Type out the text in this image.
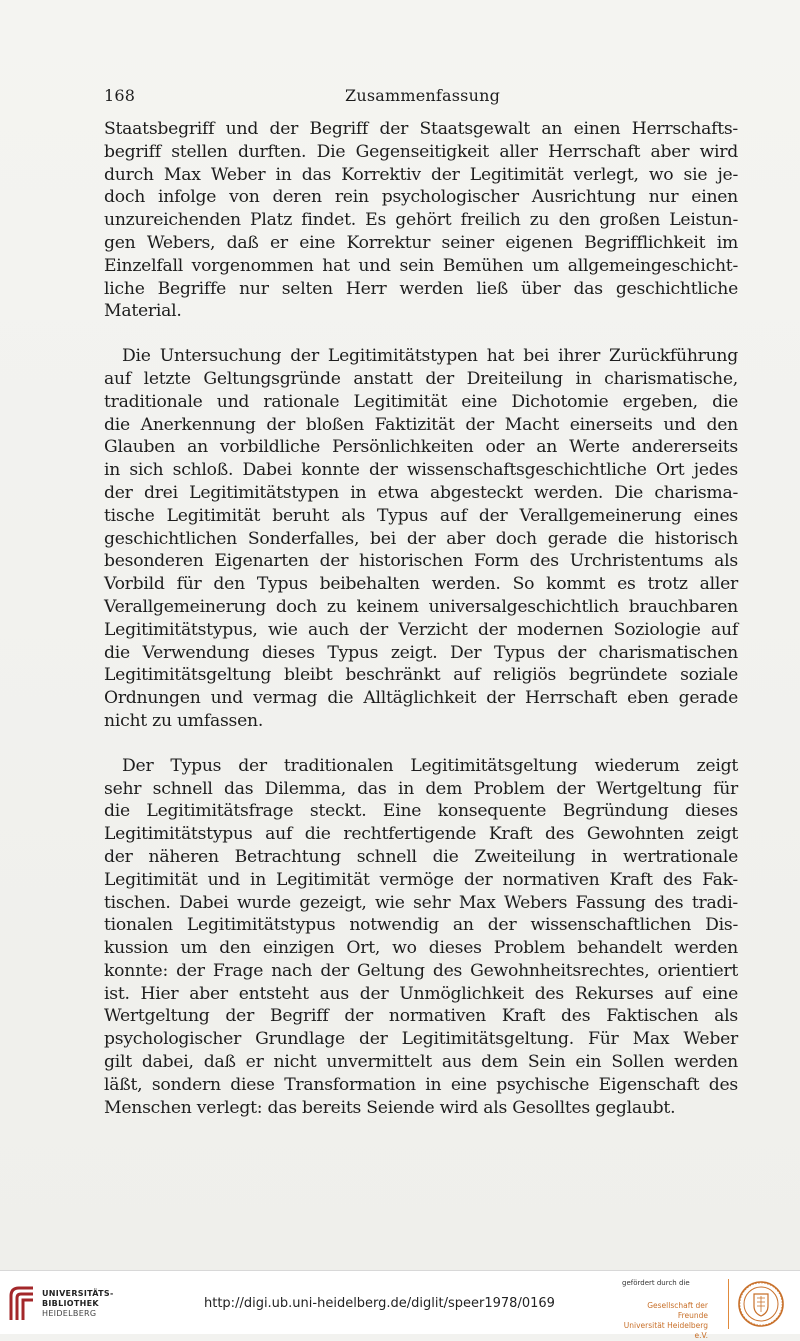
168	Zusammenfassung
Staatsbegriff und der Begriff der Staatsgewalt an einen Herrschafts-
begriff stellen durften. Die Gegenseitigkeit aller Herrschaft aber wird
durch Max Weber in das Korrektiv der Legitimität verlegt, wo sie je-
doch infolge von deren rein psychologischer Ausrichtung nur einen
unzureichenden Platz findet. Es gehört freilich zu den großen Leistun-
gen Webers, daß er eine Korrektur seiner eigenen Begrifflichkeit im
Einzelfall vorgenommen hat und sein Bemühen um allgemeingeschicht-
liche Begriffe nur selten Herr werden ließ über das geschichtliche
Material.
Die Untersuchung der Legitimitätstypen hat bei ihrer Zurückführung
auf letzte Geltungsgründe anstatt der Dreiteilung in charismatische,
traditionale und rationale Legitimität eine Dichotomie ergeben, die
die Anerkennung der bloßen Faktizität der Macht einerseits und den
Glauben an vorbildliche Persönlichkeiten oder an Werte andererseits
in sich schloß. Dabei konnte der wissenschaftsgeschichtliche Ort jedes
der drei Legitimitätstypen in etwa abgesteckt werden. Die charisma-
tische Legitimität beruht als Typus auf der Verallgemeinerung eines
geschichtlichen Sonderfalles, bei der aber doch gerade die historisch
besonderen Eigenarten der historischen Form des Urchristentums als
Vorbild für den Typus beibehalten werden. So kommt es trotz aller
Verallgemeinerung doch zu keinem universalgeschichtlich brauchbaren
Legitimitätstypus, wie auch der Verzicht der modernen Soziologie auf
die Verwendung dieses Typus zeigt. Der Typus der charismatischen
Legitimitätsgeltung bleibt beschränkt auf religiös begründete soziale
Ordnungen und vermag die Alltäglichkeit der Herrschaft eben gerade
nicht zu umfassen.
Der Typus der traditionalen Legitimitätsgeltung wiederum zeigt
sehr schnell das Dilemma, das in dem Problem der Wertgeltung für
die Legitimitätsfrage steckt. Eine konsequente Begründung dieses
Legitimitätstypus auf die rechtfertigende Kraft des Gewohnten zeigt
der näheren Betrachtung schnell die Zweiteilung in wertrationale
Legitimität und in Legitimität vermöge der normativen Kraft des Fak-
tischen. Dabei wurde gezeigt, wie sehr Max Webers Fassung des tradi-
tionalen Legitimitätstypus notwendig an der wissenschaftlichen Dis-
kussion um den einzigen Ort, wo dieses Problem behandelt werden
konnte: der Frage nach der Geltung des Gewohnheitsrechtes, orientiert
ist. Hier aber entsteht aus der Unmöglichkeit des Rekurses auf eine
Wertgeltung der Begriff der normativen Kraft des Faktischen als
psychologischer Grundlage der Legitimitätsgeltung. Für Max Weber
gilt dabei, daß er nicht unvermittelt aus dem Sein ein Sollen werden
läßt, sondern diese Transformation in eine psychische Eigenschaft des
Menschen verlegt: das bereits Seiende wird als Gesolltes geglaubt.
UNIVERSITÄTS-
BIBLIOTHEK
HEIDELBERG
http://digi.ub.uni-heidelberg.de/diglit/speer1978/0169
gefördert durch die
Gesellschaft der Freunde
Universität Heidelberg e.V.
